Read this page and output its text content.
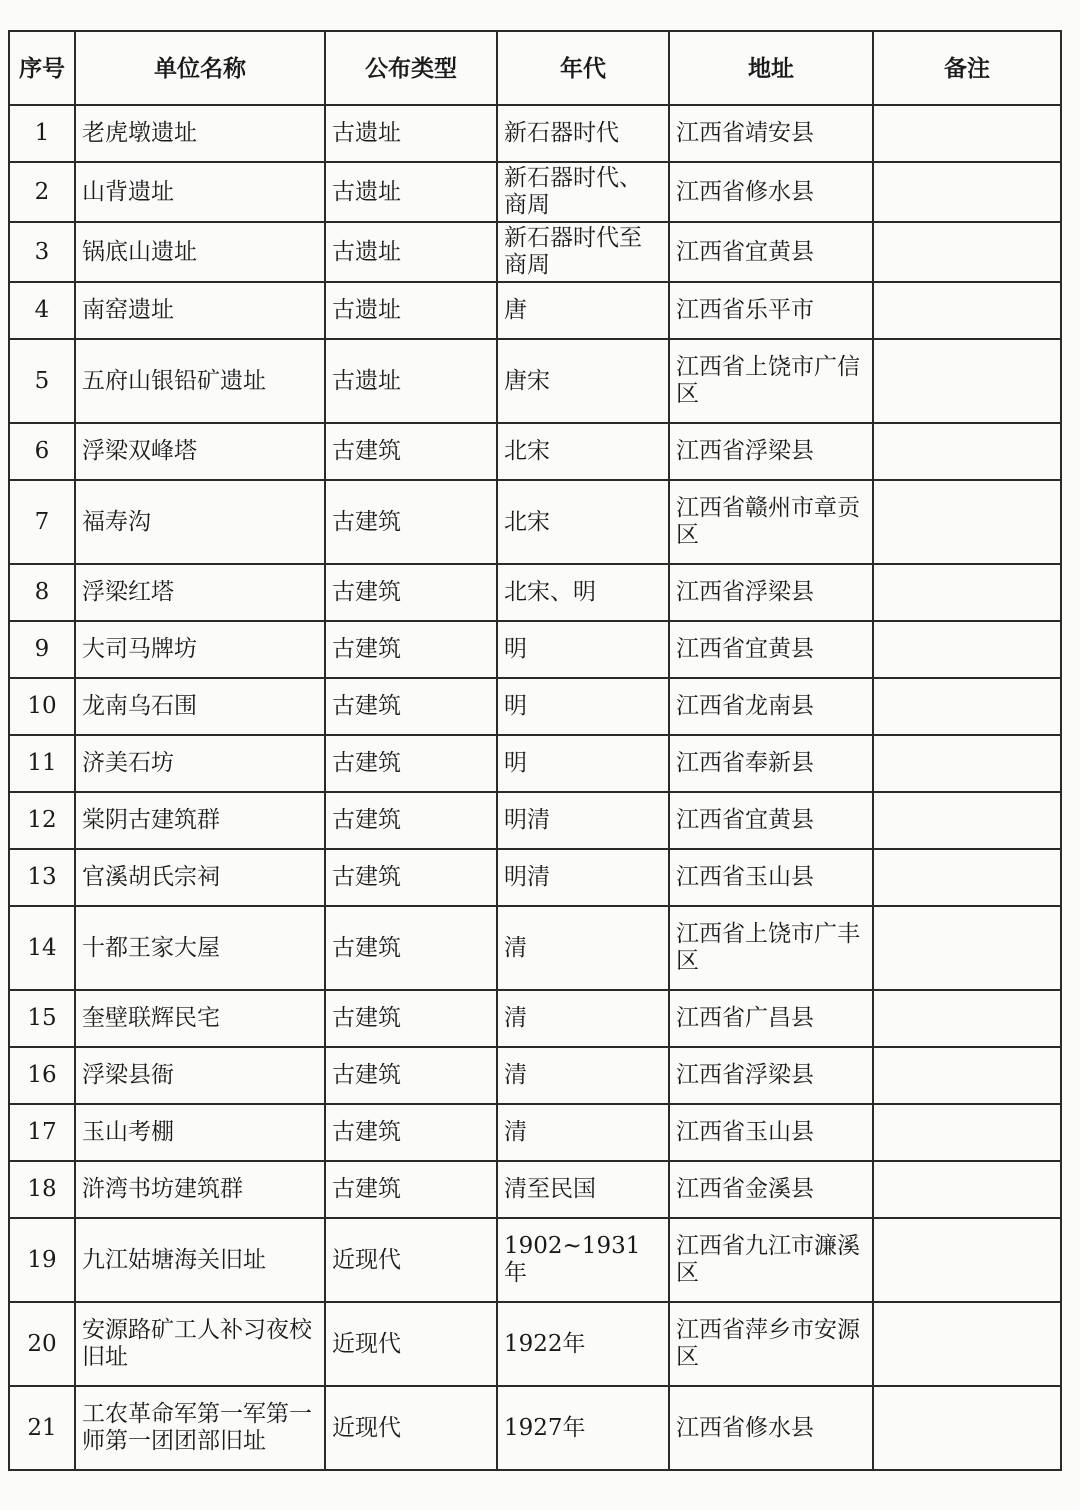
序号	单位名称	公布类型	年代	地址	备注
1	老虎墩遗址	古遗址	新石器时代	江西省靖安县	
2	山背遗址	古遗址	新石器时代、商周	江西省修水县	
3	锅底山遗址	古遗址	新石器时代至商周	江西省宜黄县	
4	南窑遗址	古遗址	唐	江西省乐平市	
5	五府山银铅矿遗址	古遗址	唐宋	江西省上饶市广信区	
6	浮梁双峰塔	古建筑	北宋	江西省浮梁县	
7	福寿沟	古建筑	北宋	江西省赣州市章贡区	
8	浮梁红塔	古建筑	北宋、明	江西省浮梁县	
9	大司马牌坊	古建筑	明	江西省宜黄县	
10	龙南乌石围	古建筑	明	江西省龙南县	
11	济美石坊	古建筑	明	江西省奉新县	
12	棠阴古建筑群	古建筑	明清	江西省宜黄县	
13	官溪胡氏宗祠	古建筑	明清	江西省玉山县	
14	十都王家大屋	古建筑	清	江西省上饶市广丰区	
15	奎壁联辉民宅	古建筑	清	江西省广昌县	
16	浮梁县衙	古建筑	清	江西省浮梁县	
17	玉山考棚	古建筑	清	江西省玉山县	
18	浒湾书坊建筑群	古建筑	清至民国	江西省金溪县	
19	九江姑塘海关旧址	近现代	1902~1931年	江西省九江市濂溪区	
20	安源路矿工人补习夜校旧址	近现代	1922年	江西省萍乡市安源区	
21	工农革命军第一军第一师第一团团部旧址	近现代	1927年	江西省修水县	
